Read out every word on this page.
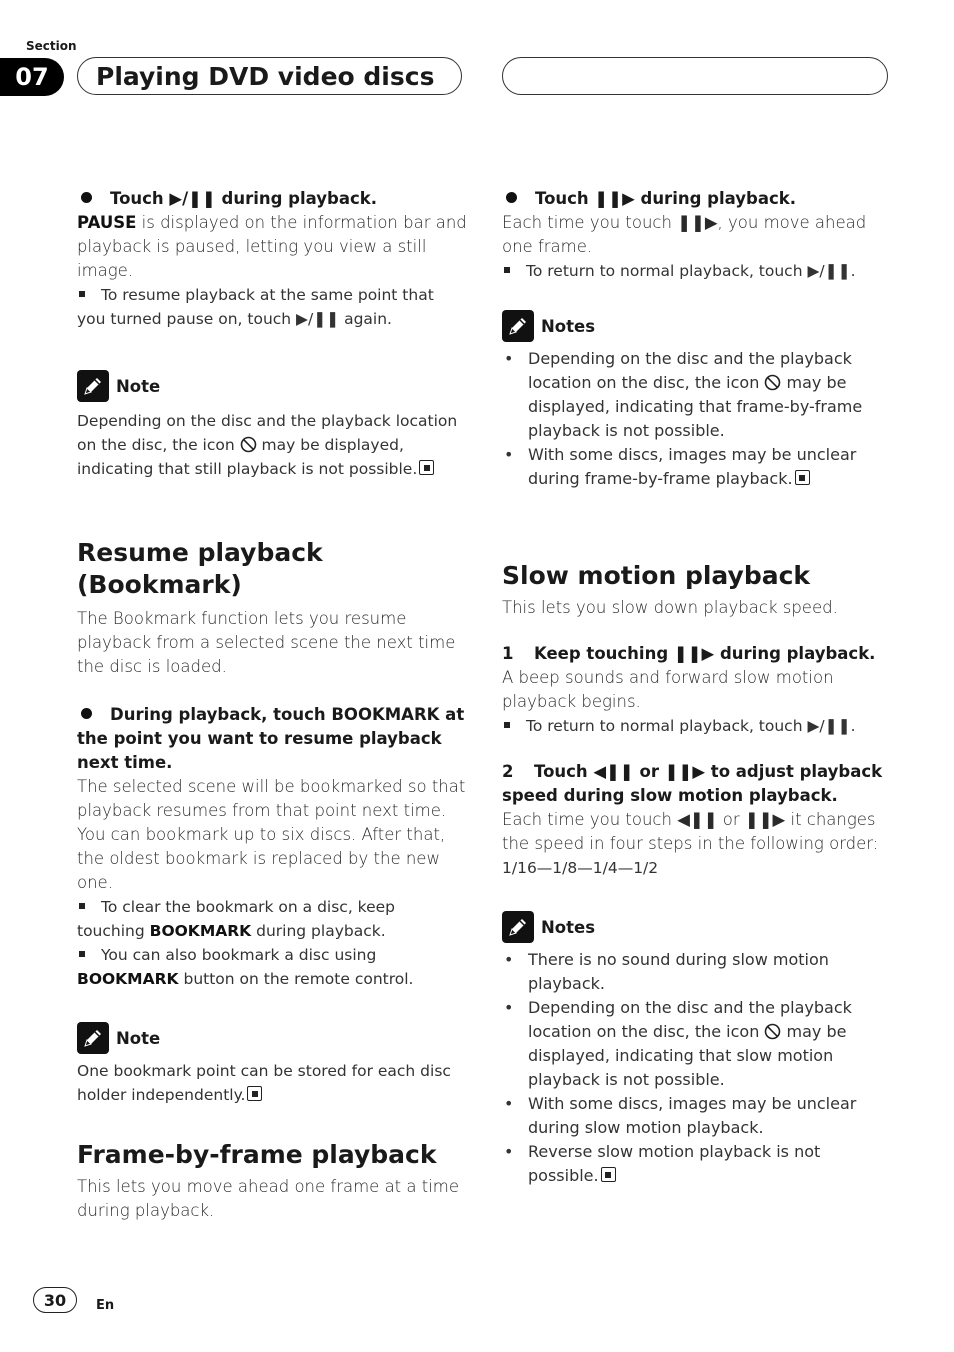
Section
07	Playing DVD video discs

Touch ▶/❚❚ during playback.

PAUSE is displayed on the information bar and playback is paused, letting you view a still image.

To resume playback at the same point that you turned pause on, touch ▶/❚❚ again.

Note

Depending on the disc and the playback location on the disc, the icon  may be displayed, indicating that still playback is not possible.

Resume playback (Bookmark)

The Bookmark function lets you resume playback from a selected scene the next time the disc is loaded.

During playback, touch BOOKMARK at the point you want to resume playback next time.

The selected scene will be bookmarked so that playback resumes from that point next time. You can bookmark up to six discs. After that, the oldest bookmark is replaced by the new one.

To clear the bookmark on a disc, keep touching BOOKMARK during playback.

You can also bookmark a disc using BOOKMARK button on the remote control.

Note

One bookmark point can be stored for each disc holder independently.

Frame-by-frame playback

This lets you move ahead one frame at a time during playback.

Touch ❚❚▶ during playback.

Each time you touch ❚❚▶, you move ahead one frame.

To return to normal playback, touch ▶/❚❚.

Notes
• Depending on the disc and the playback location on the disc, the icon  may be displayed, indicating that frame-by-frame playback is not possible.
• With some discs, images may be unclear during frame-by-frame playback.
Slow motion playback

This lets you slow down playback speed.

1 Keep touching ❚❚▶ during playback.

A beep sounds and forward slow motion playback begins.

To return to normal playback, touch ▶/❚❚.

2 Touch ◀❚❚ or ❚❚▶ to adjust playback speed during slow motion playback.

Each time you touch ◀❚❚ or ❚❚▶ it changes the speed in four steps in the following order:

1/16—1/8—1/4—1/2

Notes
• There is no sound during slow motion playback.
• Depending on the disc and the playback location on the disc, the icon  may be displayed, indicating that slow motion playback is not possible.
• With some discs, images may be unclear during slow motion playback.
• Reverse slow motion playback is not possible.
30	En
